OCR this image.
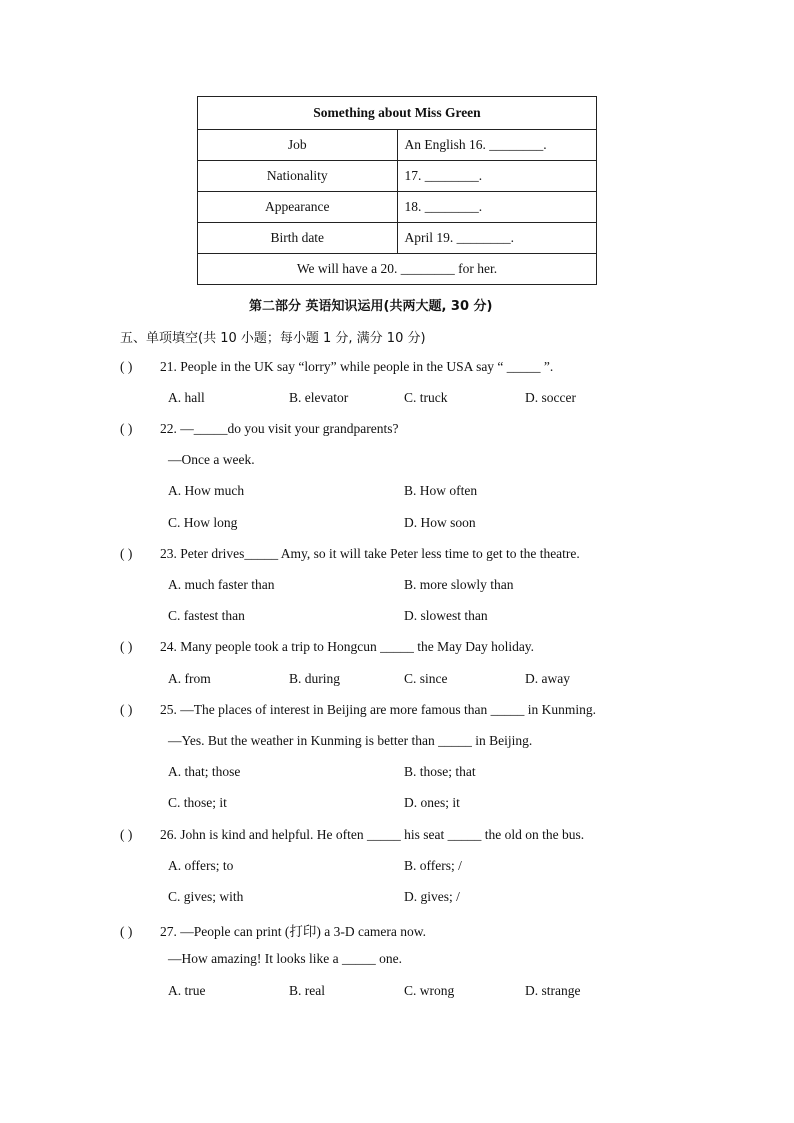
Something about Miss Green	
Job	An English 16. ________.
Nationality	17. ________.
Appearance	18. ________.
Birth date	April 19. ________.
We will have a 20. ________ for her.	
第二部分 英语知识运用(共两大题, 30 分)
五、单项填空(共 10 小题；每小题 1 分, 满分 10 分)
( ) 21. People in the UK say “lorry” while people in the USA say “ _____ ”.
A. hall	B. elevator	C. truck	D. soccer
( ) 22. —_____do you visit your grandparents?
—Once a week.
A. How much	B. How often
C. How long	D. How soon
( ) 23. Peter drives_____ Amy, so it will take Peter less time to get to the theatre.
A. much faster than	B. more slowly than
C. fastest than	D. slowest than
( ) 24. Many people took a trip to Hongcun _____ the May Day holiday.
A. from	B. during	C. since	D. away
( ) 25. —The places of interest in Beijing are more famous than _____ in Kunming.
—Yes. But the weather in Kunming is better than _____ in Beijing.
A. that; those	B. those; that
C. those; it	D. ones; it
( ) 26. John is kind and helpful. He often _____ his seat _____ the old on the bus.
A. offers; to	B. offers; /
C. gives; with	D. gives; /
( ) 27. —People can print (打印) a 3-D camera now.
—How amazing! It looks like a _____ one.
A. true	B. real	C. wrong	D. strange
